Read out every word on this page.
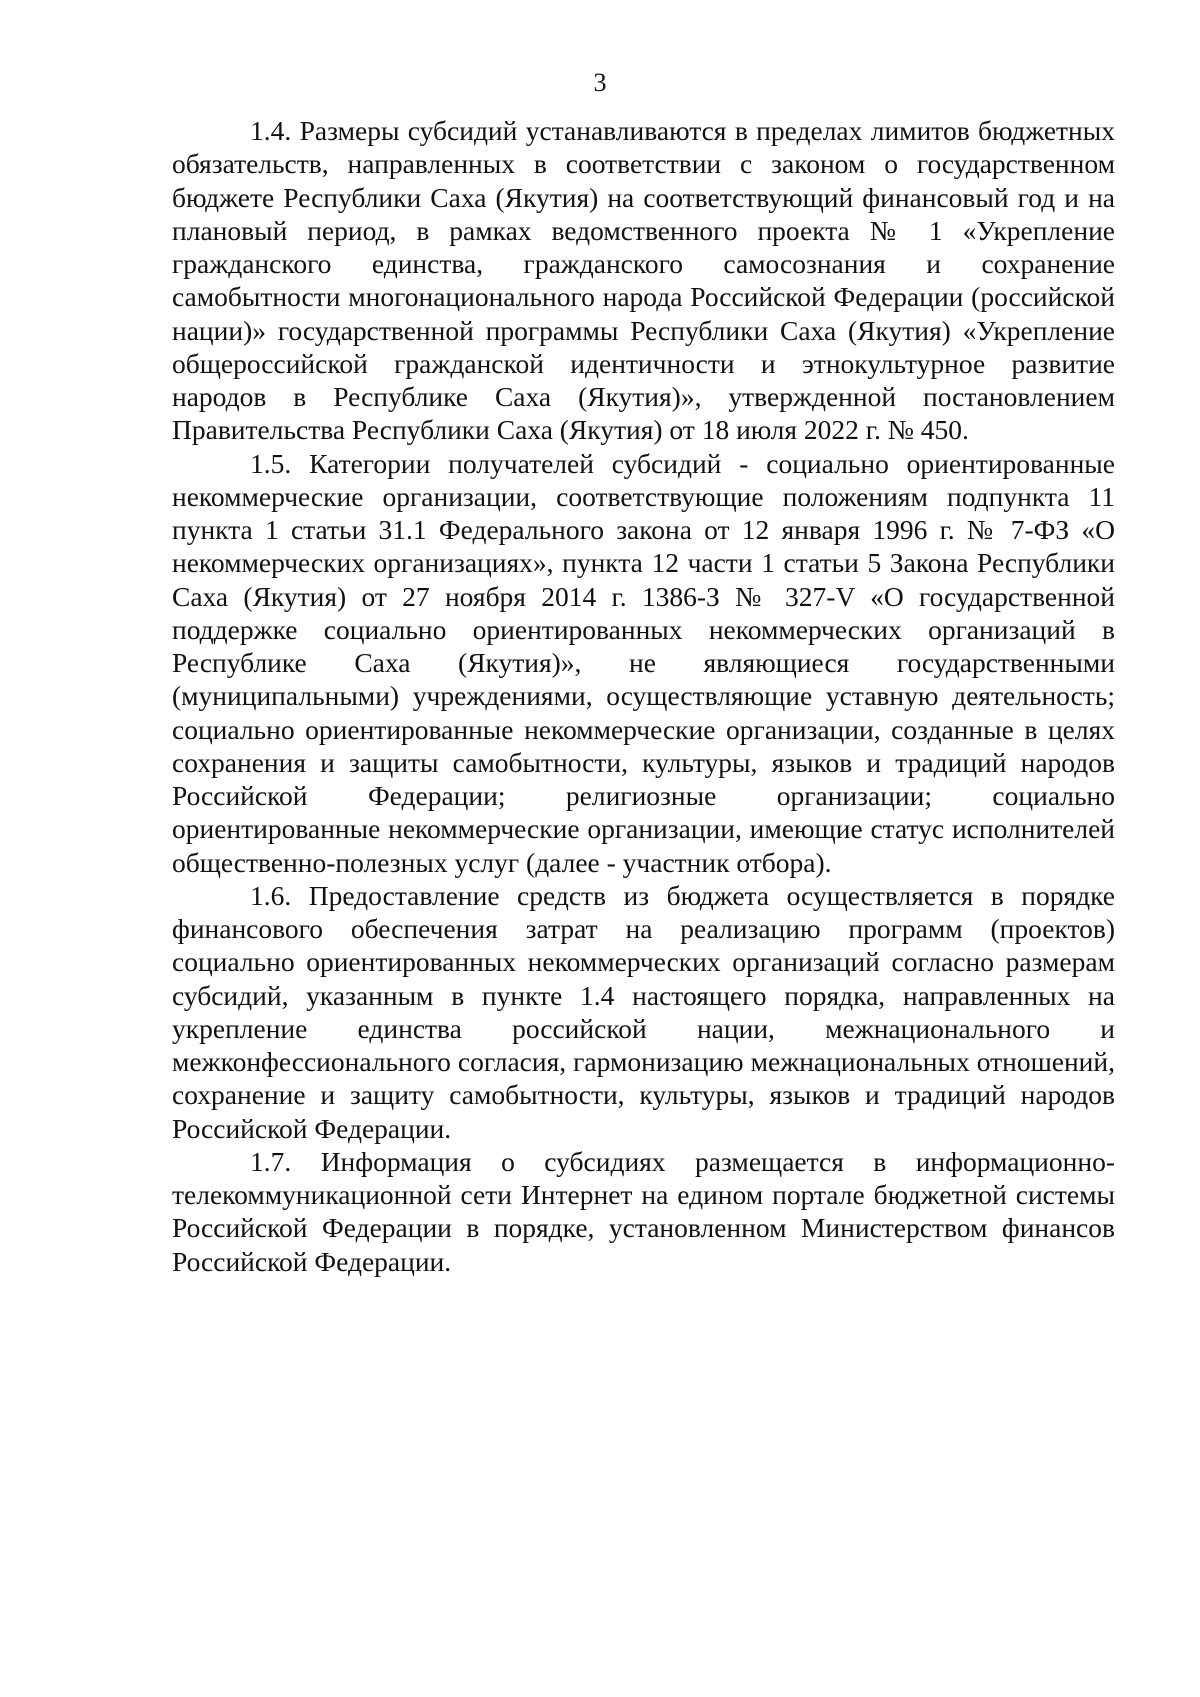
3

1.4. Размеры субсидий устанавливаются в пределах лимитов бюджетных обязательств, направленных в соответствии с законом о государственном бюджете Республики Саха (Якутия) на соответствующий финансовый год и на плановый период, в рамках ведомственного проекта № 1 «Укрепление гражданского единства, гражданского самосознания и сохранение самобытности многонационального народа Российской Федерации (российской нации)» государственной программы Республики Саха (Якутия) «Укрепление общероссийской гражданской идентичности и этнокультурное развитие народов в Республике Саха (Якутия)», утвержденной постановлением Правительства Республики Саха (Якутия) от 18 июля 2022 г. № 450.

1.5. Категории получателей субсидий - социально ориентированные некоммерческие организации, соответствующие положениям подпункта 11 пункта 1 статьи 31.1 Федерального закона от 12 января 1996 г. № 7-ФЗ «О некоммерческих организациях», пункта 12 части 1 статьи 5 Закона Республики Саха (Якутия) от 27 ноября 2014 г. 1386-З № 327-V «О государственной поддержке социально ориентированных некоммерческих организаций в Республике Саха (Якутия)», не являющиеся государственными (муниципальными) учреждениями, осуществляющие уставную деятельность; социально ориентированные некоммерческие организации, созданные в целях сохранения и защиты самобытности, культуры, языков и традиций народов Российской Федерации; религиозные организации; социально ориентированные некоммерческие организации, имеющие статус исполнителей общественно-полезных услуг (далее - участник отбора).

1.6. Предоставление средств из бюджета осуществляется в порядке финансового обеспечения затрат на реализацию программ (проектов) социально ориентированных некоммерческих организаций согласно размерам субсидий, указанным в пункте 1.4 настоящего порядка, направленных на укрепление единства российской нации, межнационального и межконфессионального согласия, гармонизацию межнациональных отношений, сохранение и защиту самобытности, культуры, языков и традиций народов Российской Федерации.

1.7. Информация о субсидиях размещается в информационно-телекоммуникационной сети Интернет на едином портале бюджетной системы Российской Федерации в порядке, установленном Министерством финансов Российской Федерации.
